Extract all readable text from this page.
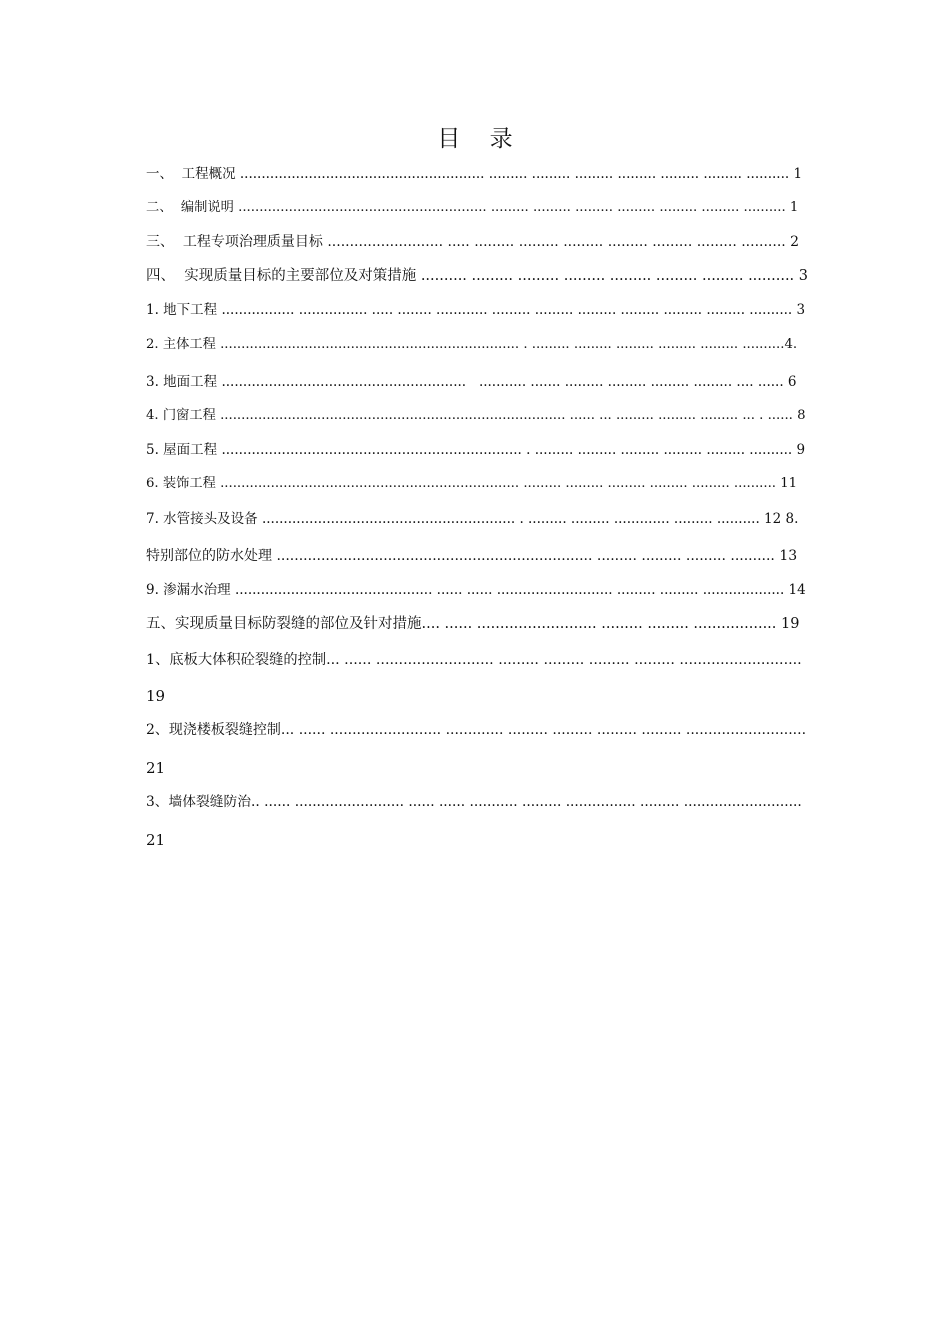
目    录
一、  工程概况 ......................................................... ......... ......... ......... ......... ......... ......... .......... 1
二、  编制说明 ........................................................... ......... ......... ......... ......... ......... ......... .......... 1
三、  工程专项治理质量目标 .......................... ..... ......... ......... ......... ......... ......... ......... .......... 2
四、  实现质量目标的主要部位及对策措施 .......... ......... ......... ......... ......... ......... ......... .......... 3
1. 地下工程 ................. ................ ..... ........ ............ ......... ......... ......... ......... ......... ......... .......... 3
2. 主体工程 ....................................................................... . ......... ......... ......... ......... ......... ..........4.
3. 地面工程 .........................................................   ........... ....... ......... ......... ......... ......... .... ...... 6
4. 门窗工程 .................................................................................. ...... ... ......... ......... ......... ... . ...... 8
5. 屋面工程 ...................................................................... . ......... ......... ......... ......... ......... .......... 9
6. 装饰工程 ....................................................................... ......... ......... ......... ......... ......... .......... 11
7. 水管接头及设备 ........................................................... . ......... ......... ............. ......... .......... 12 8.
特别部位的防水处理 ....................................................................... ......... ......... ......... .......... 13
9. 渗漏水治理 .............................................. ...... ...... ........................... ......... ......... ................... 14
五、实现质量目标防裂缝的部位及针对措施.... ...... .......................... ......... ......... .................. 19
1、底板大体积砼裂缝的控制... ...... .......................... ......... ......... ......... ......... ...........................
19
2、现浇楼板裂缝控制... ...... ......................... ............. ......... ......... ......... ......... ...........................
21
3、墙体裂缝防治.. ...... ......................... ...... ...... ........... ......... ................ ......... ...........................
21
